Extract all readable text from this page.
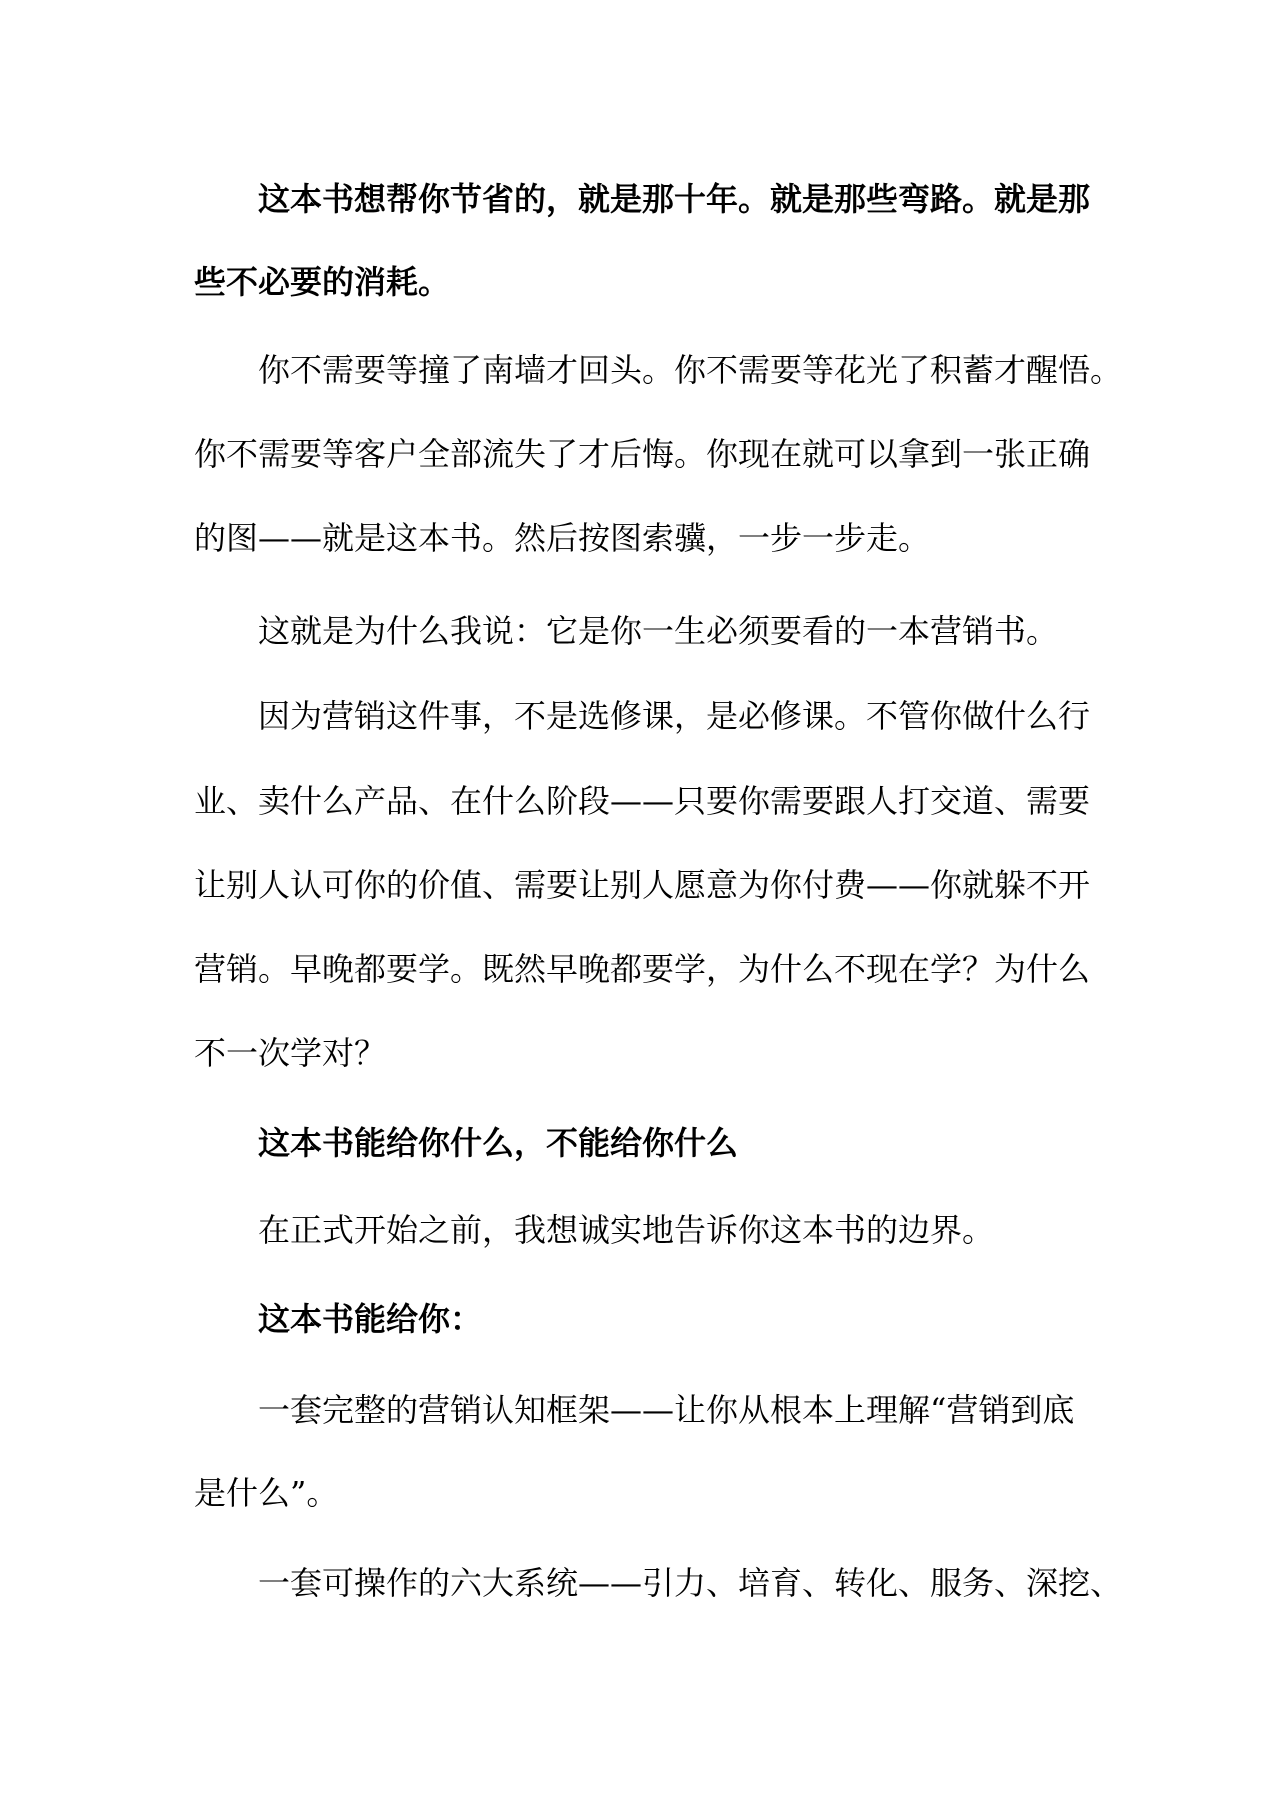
这本书想帮你节省的，就是那十年。就是那些弯路。就是那
些不必要的消耗。
你不需要等撞了南墙才回头。你不需要等花光了积蓄才醒悟。
你不需要等客户全部流失了才后悔。你现在就可以拿到一张正确
的图——就是这本书。然后按图索骥，一步一步走。
这就是为什么我说：它是你一生必须要看的一本营销书。
因为营销这件事，不是选修课，是必修课。不管你做什么行
业、卖什么产品、在什么阶段——只要你需要跟人打交道、需要
让别人认可你的价值、需要让别人愿意为你付费——你就躲不开
营销。早晚都要学。既然早晚都要学，为什么不现在学？为什么
不一次学对？
这本书能给你什么，不能给你什么
在正式开始之前，我想诚实地告诉你这本书的边界。
这本书能给你：
一套完整的营销认知框架——让你从根本上理解“营销到底
是什么”。
一套可操作的六大系统——引力、培育、转化、服务、深挖、
